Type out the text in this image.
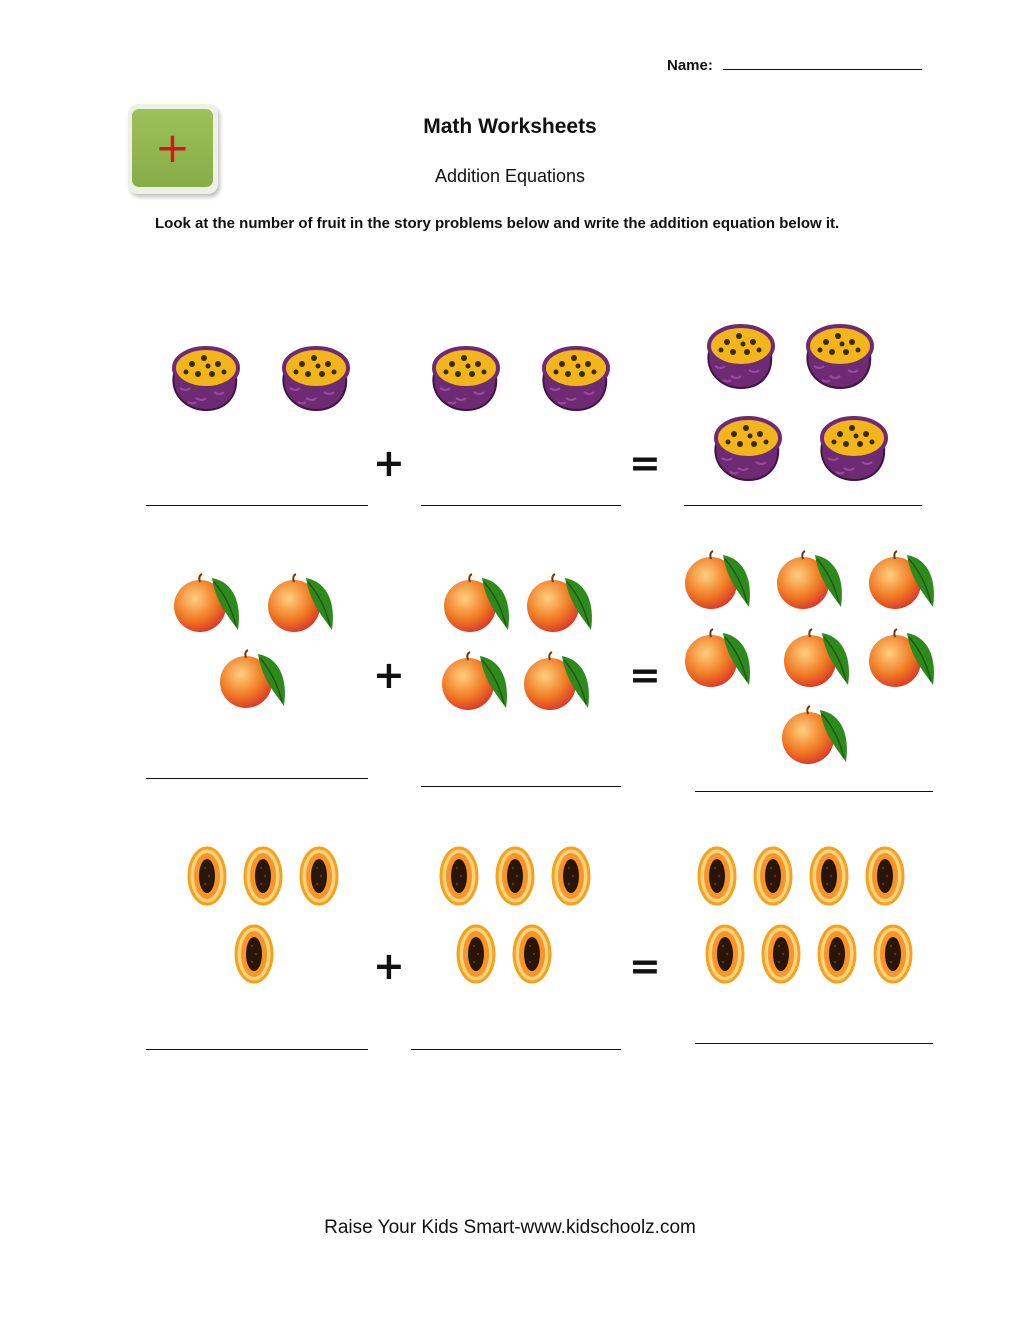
Name:
+	Math Worksheets
Addition Equations
Look at the number of fruit in the story problems below and write the addition equation below it.
+	=
+	=
+	=
Raise Your Kids Smart-www.kidschoolz.com
